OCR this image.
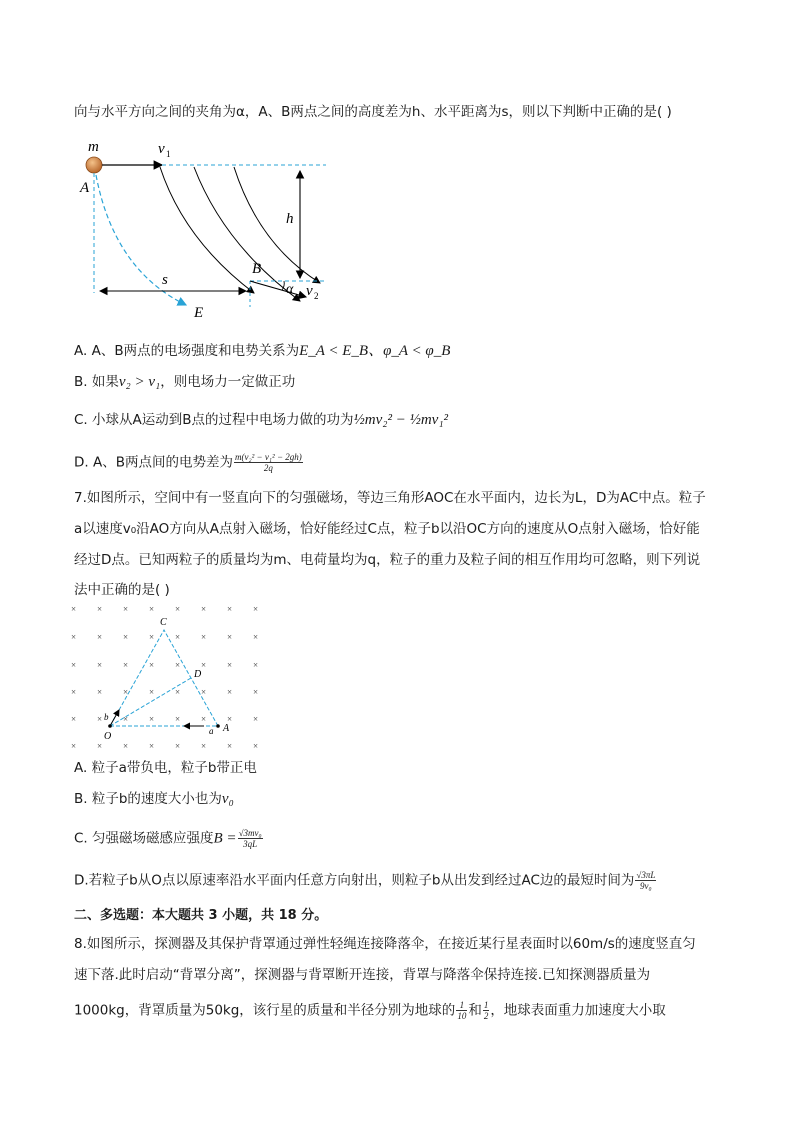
向与水平方向之间的夹角为α，A、B两点之间的高度差为h、水平距离为s，则以下判断中正确的是( )
m
A
v 1
h
B
s
E
α v 2
A. A、B两点的电场强度和电势关系为E_A < E_B、φ_A < φ_B
B. 如果v₂ > v₁，则电场力一定做正功
C. 小球从A运动到B点的过程中电场力做的功为½mv₂² − ½mv₁²
D. A、B两点间的电势差为 $\frac{\text{m(v₂² − v₁² − 2gh)}}{2q}$
7.如图所示，空间中有一竖直向下的匀强磁场，等边三角形AOC在水平面内，边长为L，D为AC中点。粒子
a以速度v₀沿AO方向从A点射入磁场，恰好能经过C点，粒子b以沿OC方向的速度从O点射入磁场，恰好能
经过D点。已知两粒子的质量均为m、电荷量均为q，粒子的重力及粒子间的相互作用均可忽略，则下列说
法中正确的是( )
× × × × × × × ×
× × × × × × × ×
× × × × × × × ×
× × × × × × × ×
× × × × × × × ×
× × × × × × × ×
C
D
O
A
a
b
A. 粒子a带负电，粒子b带正电
B. 粒子b的速度大小也为v₀
C. 匀强磁场磁感应强度$B = \frac{\text{√3mv₀}}{3qL}$
D.若粒子b从O点以原速率沿水平面内任意方向射出，则粒子b从出发到经过AC边的最短时间为 $\frac{√3\pi L}{\text{9v₀}}$
二、多选题：本大题共 3 小题，共 18 分。
8.如图所示，探测器及其保护背罩通过弹性轻绳连接降落伞，在接近某行星表面时以60m/s的速度竖直匀
速下落.此时启动“背罩分离”，探测器与背罩断开连接，背罩与降落伞保持连接.已知探测器质量为
1000kg，背罩质量为50kg，该行星的质量和半径分别为地球的 $\frac{1}{10}$ 和 $\frac{1}{2}$ ，地球表面重力加速度大小取
